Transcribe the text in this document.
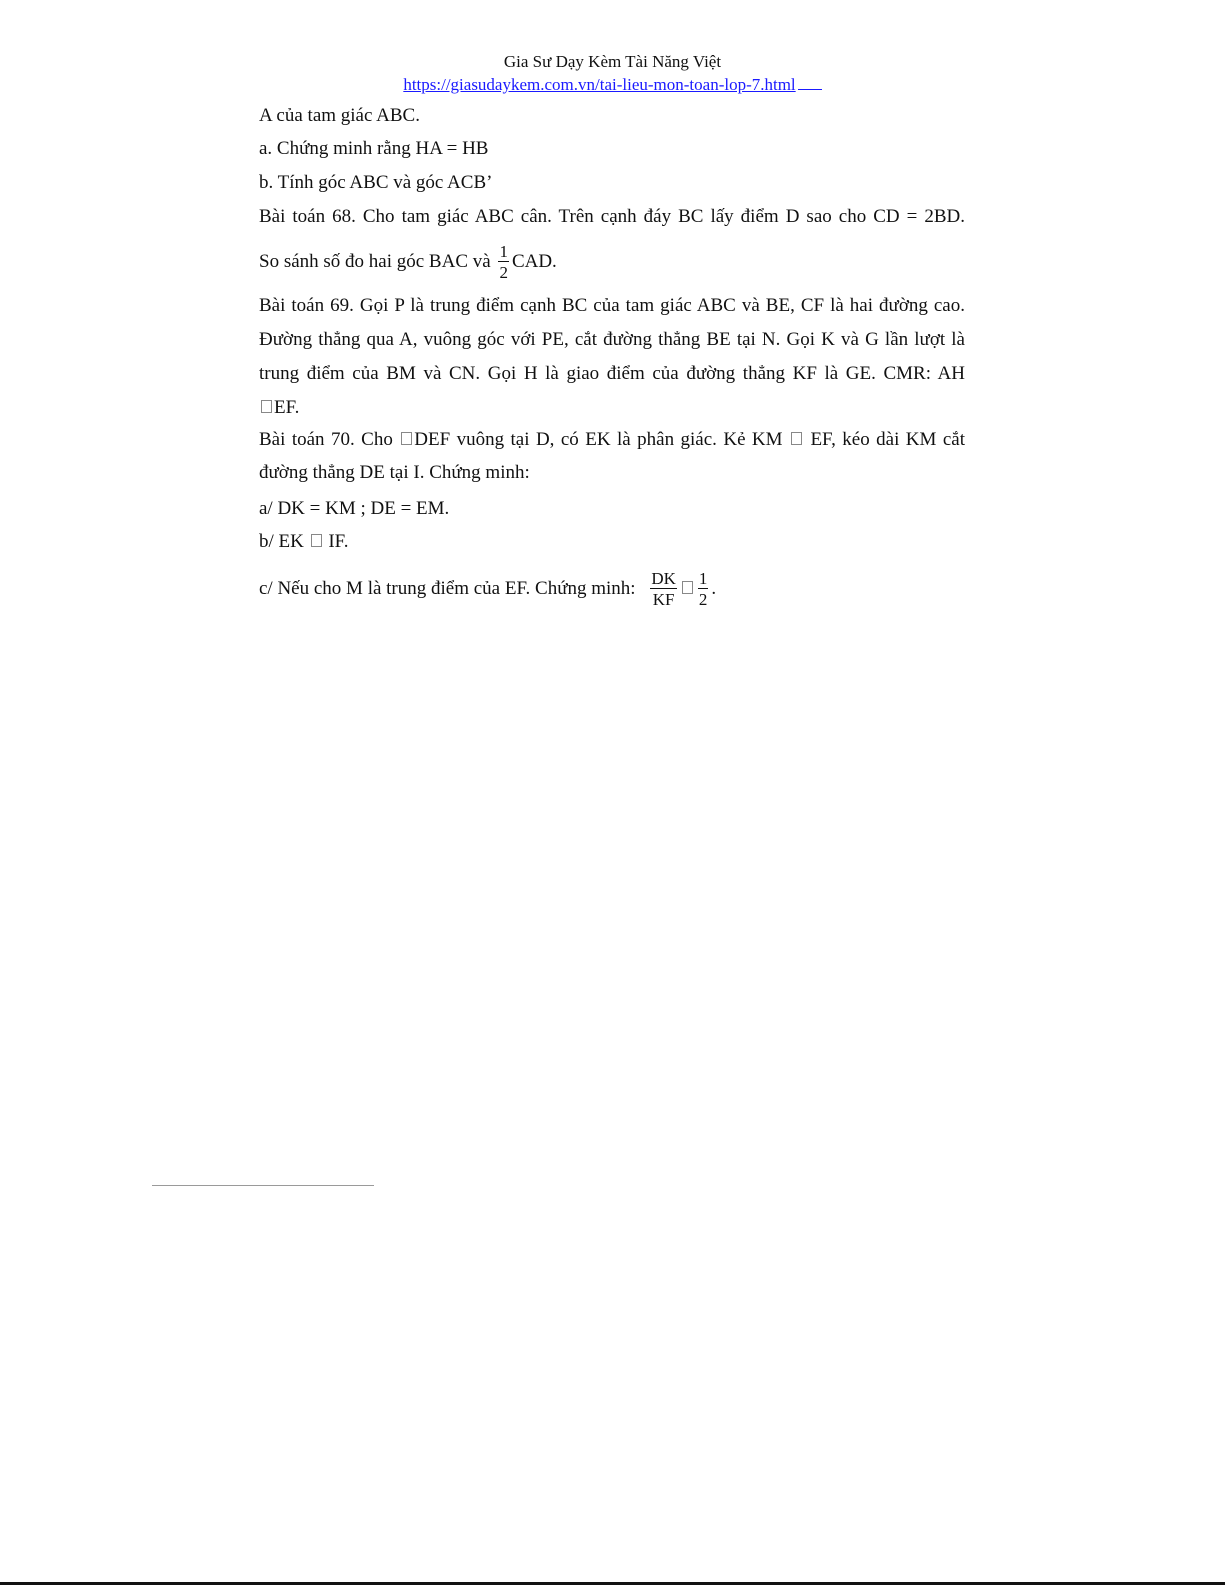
Gia Sư Dạy Kèm Tài Năng Việt
https://giasudaykem.com.vn/tai-lieu-mon-toan-lop-7.html
A của tam giác ABC.
a. Chứng minh rằng HA = HB
b. Tính góc ABC và góc ACB’
Bài toán 68. Cho tam giác ABC cân. Trên cạnh đáy BC lấy điểm D sao cho CD = 2BD.
So sánh số đo hai góc BAC và $\frac{1}{2}$ CAD.
Bài toán 69. Gọi P là trung điểm cạnh BC của tam giác ABC và BE, CF là hai đường cao.
Đường thẳng qua A, vuông góc với PE, cắt đường thẳng BE tại N. Gọi K và G lần lượt là
trung điểm của BM và CN. Gọi H là giao điểm của đường thẳng KF là GE. CMR: AH
EF.
Bài toán 70. Cho DEF vuông tại D, có EK là phân giác. Kẻ KM EF, kéo dài KM cắt
đường thẳng DE tại I. Chứng minh:
a/ DK = KM ; DE = EM.
b/ EK IF.
c/ Nếu cho M là trung điểm của EF. Chứng minh: $\frac{DK}{KF} \frac{1}{2}$ .
